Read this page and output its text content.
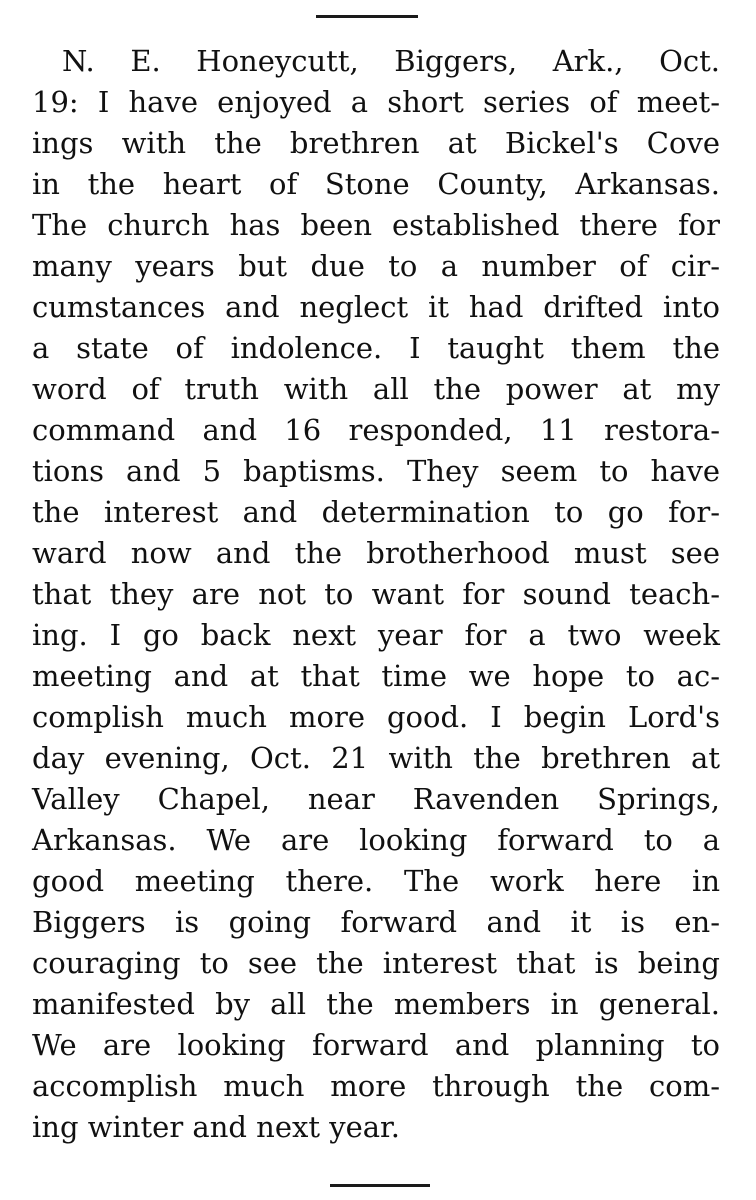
N. E. Honeycutt, Biggers, Ark., Oct.
19: I have enjoyed a short series of meet-
ings with the brethren at Bickel's Cove
in the heart of Stone County, Arkansas.
The church has been established there for
many years but due to a number of cir-
cumstances and neglect it had drifted into
a state of indolence. I taught them the
word of truth with all the power at my
command and 16 responded, 11 restora-
tions and 5 baptisms. They seem to have
the interest and determination to go for-
ward now and the brotherhood must see
that they are not to want for sound teach-
ing. I go back next year for a two week
meeting and at that time we hope to ac-
complish much more good. I begin Lord's
day evening, Oct. 21 with the brethren at
Valley Chapel, near Ravenden Springs,
Arkansas. We are looking forward to a
good meeting there. The work here in
Biggers is going forward and it is en-
couraging to see the interest that is being
manifested by all the members in general.
We are looking forward and planning to
accomplish much more through the com-
ing winter and next year.
